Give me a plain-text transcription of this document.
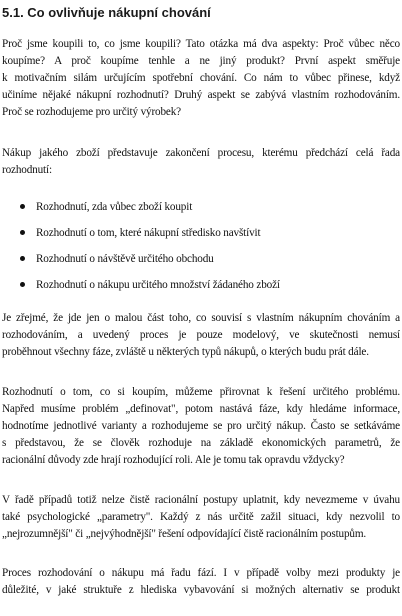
5.1. Co ovlivňuje nákupní chování
Proč jsme koupili to, co jsme koupili? Tato otázka má dva aspekty: Proč vůbec něco
koupíme? A proč koupíme tenhle a ne jiný produkt? První aspekt směřuje
k motivačním silám určujícím spotřební chování. Co nám to vůbec přinese, když
učiníme nějaké nákupní rozhodnutí? Druhý aspekt se zabývá vlastním rozhodováním.
Proč se rozhodujeme pro určitý výrobek?
Nákup jakého zboží představuje zakončení procesu, kterému předchází celá řada
rozhodnutí:
Rozhodnutí, zda vůbec zboží koupit
Rozhodnutí o tom, které nákupní středisko navštívit
Rozhodnutí o návštěvě určitého obchodu
Rozhodnutí o nákupu určitého množství žádaného zboží
Je zřejmé, že jde jen o malou část toho, co souvisí s vlastním nákupním chováním a
rozhodováním, a uvedený proces je pouze modelový, ve skutečnosti nemusí
proběhnout všechny fáze, zvláště u některých typů nákupů, o kterých budu prát dále.
Rozhodnutí o tom, co si koupím, můžeme přirovnat k řešení určitého problému.
Napřed musíme problém „definovat", potom nastává fáze, kdy hledáme informace,
hodnotíme jednotlivé varianty a rozhodujeme se pro určitý nákup. Často se setkáváme
s představou, že se člověk rozhoduje na základě ekonomických parametrů, že
racionální důvody zde hrají rozhodující roli. Ale je tomu tak opravdu vždycky?
V řadě případů totiž nelze čistě racionální postupy uplatnit, kdy nevezmeme v úvahu
také psychologické „parametry". Každý z nás určitě zažil situaci, kdy nezvolil to
„nejrozumnější" či „nejvýhodnější" řešení odpovídající čistě racionálním postupům.
Proces rozhodování o nákupu má řadu fází. I v případě volby mezi produkty je
důležité, v jaké struktuře z hlediska vybavování si možných alternativ se produkt
